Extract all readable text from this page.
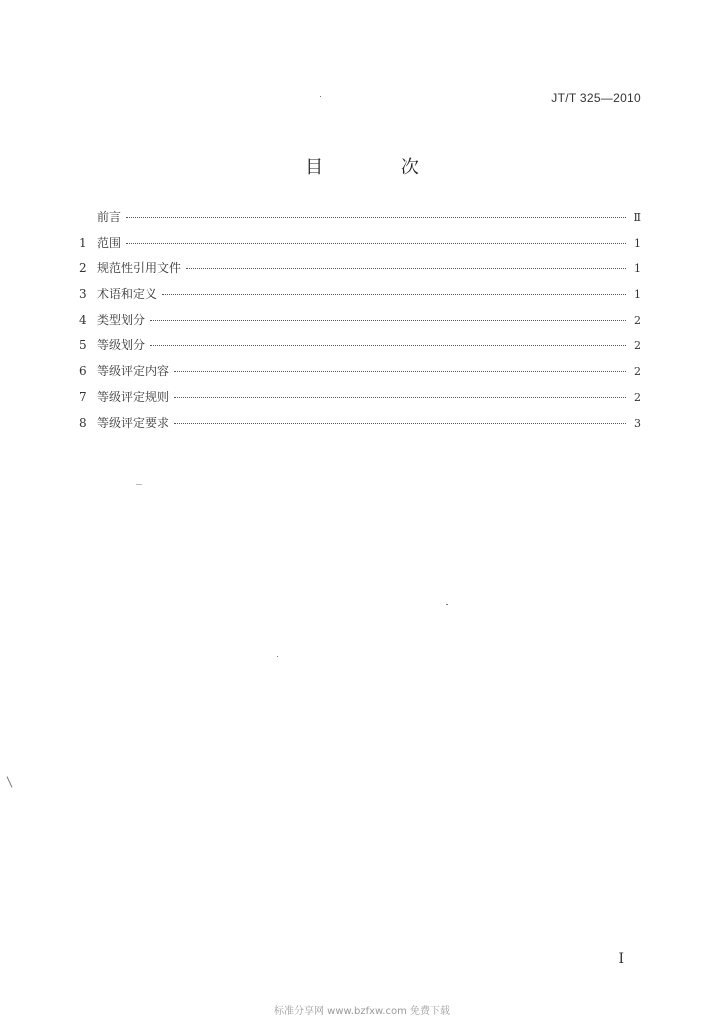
JT/T 325—2010
目 次
前言	Ⅱ
1 范围	1
2 规范性引用文件	1
3 术语和定义	1
4 类型划分	2
5 等级划分	2
6 等级评定内容	2
7 等级评定规则	2
8 等级评定要求	3
Ⅰ
标准分享网 www.bzfxw.com 免费下载
